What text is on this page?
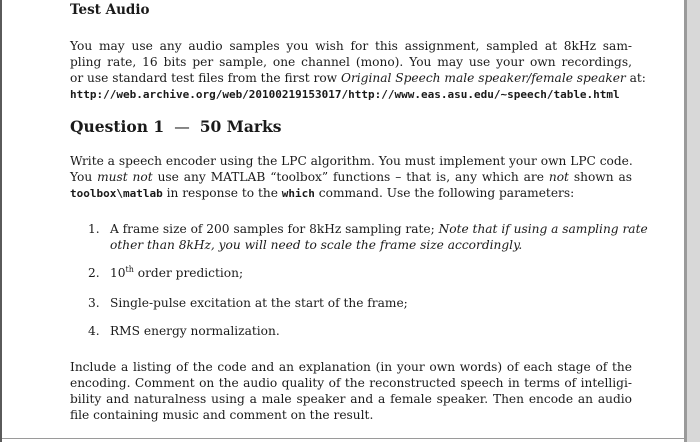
Test Audio
You may use any audio samples you wish for this assignment, sampled at 8kHz sam-
pling rate, 16 bits per sample, one channel (mono). You may use your own recordings,
or use standard test files from the first row Original Speech male speaker/female speaker at:
http://web.archive.org/web/20100219153017/http://www.eas.asu.edu/~speech/table.html
Question 1 — 50 Marks
Write a speech encoder using the LPC algorithm. You must implement your own LPC code.
You must not use any MATLAB “toolbox” functions – that is, any which are not shown as
toolbox\matlab in response to the which command. Use the following parameters:
1. A frame size of 200 samples for 8kHz sampling rate; Note that if using a sampling rate
other than 8kHz, you will need to scale the frame size accordingly.
2. 10th order prediction;
3. Single-pulse excitation at the start of the frame;
4. RMS energy normalization.
Include a listing of the code and an explanation (in your own words) of each stage of the
encoding. Comment on the audio quality of the reconstructed speech in terms of intelligi-
bility and naturalness using a male speaker and a female speaker. Then encode an audio
file containing music and comment on the result.
